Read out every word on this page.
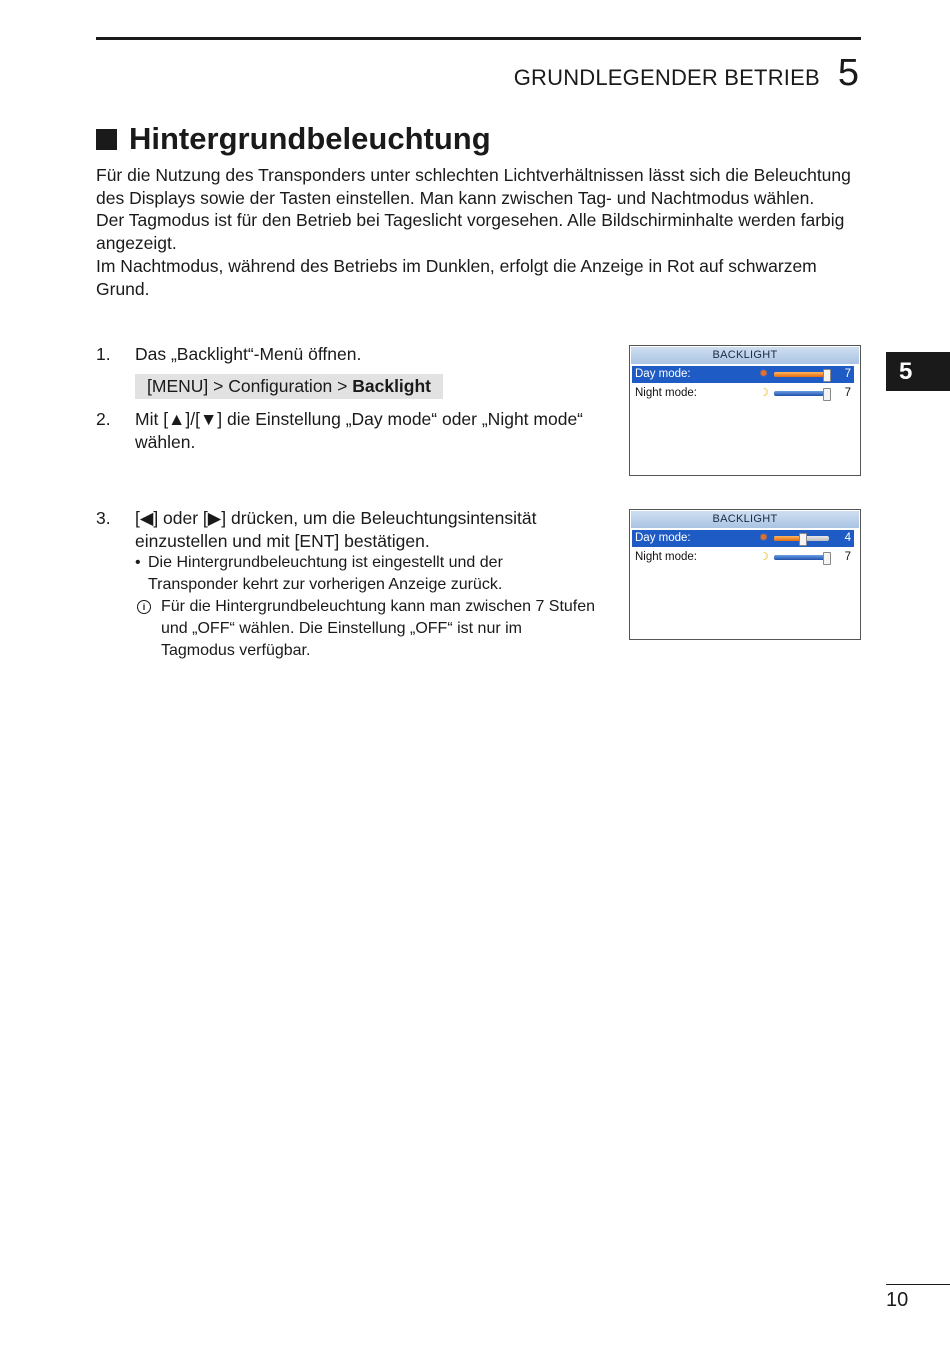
GRUNDLEGENDER BETRIEB 5
Hintergrundbeleuchtung

Für die Nutzung des Transponders unter schlechten Lichtverhältnissen lässt sich die Beleuchtung des Displays sowie der Tasten einstellen. Man kann zwischen Tag- und Nachtmodus wählen.

Der Tagmodus ist für den Betrieb bei Tageslicht vorgesehen. Alle Bildschirminhalte werden farbig angezeigt.

Im Nachtmodus, während des Betriebs im Dunklen, erfolgt die Anzeige in Rot auf schwarzem Grund.

1. Das „Backlight“-Menü öffnen.
[MENU] > Configuration > Backlight
2. Mit [▲]/[▼] die Einstellung „Day mode“ oder „Night mode“ wählen.
3. [◀] oder [▶] drücken, um die Beleuchtungsintensität einzustellen und mit [ENT] bestätigen.
• Die Hintergrundbeleuchtung ist eingestellt und der Transponder kehrt zur vorherigen Anzeige zurück.
i Für die Hintergrundbeleuchtung kann man zwischen 7 Stufen und „OFF“ wählen. Die Einstellung „OFF“ ist nur im Tagmodus verfügbar.
BACKLIGHT
Day mode:	✹	7
Night mode:	☽	7
BACKLIGHT
Day mode:	✹	4
Night mode:	☽	7
5
10
